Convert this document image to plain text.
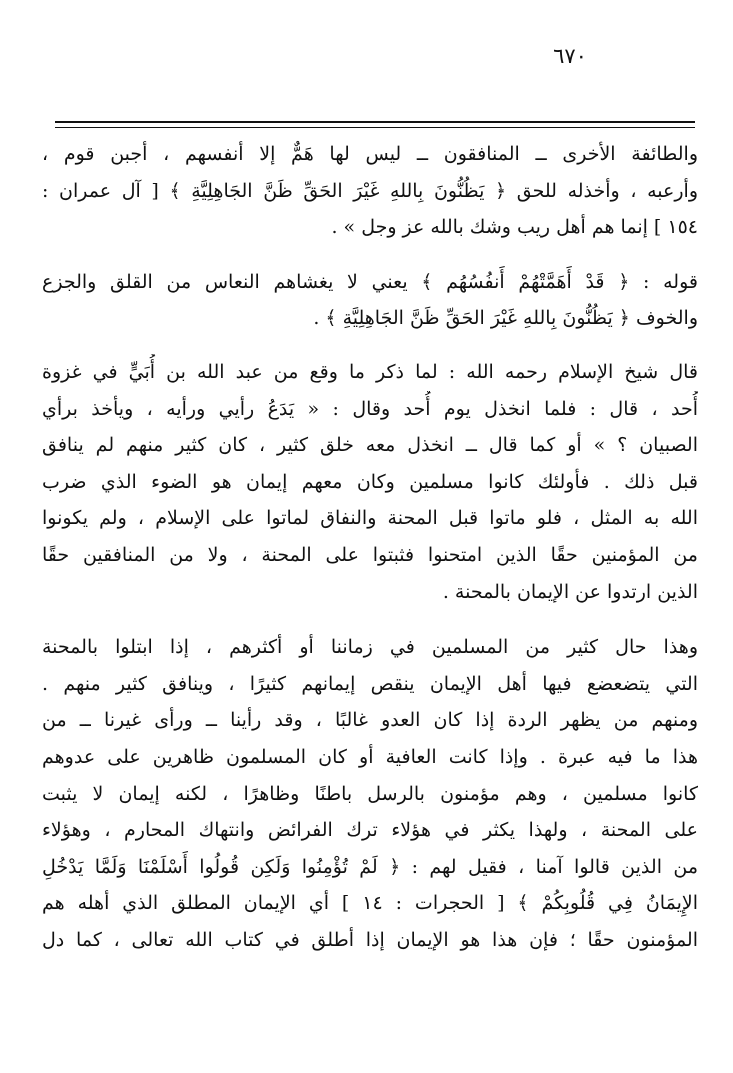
٦٧٠
والطائفة الأخرى ــ المنافقون ــ ليس لها هَمٌّ إلا أنفسهم ، أجبن قوم ،
وأرعبه ، وأخذله للحق ﴿ يَظُنُّونَ بِاللهِ غَيْرَ الحَقِّ ظَنَّ الجَاهِلِيَّةِ ﴾ [ آل عمران :
١٥٤ ] إنما هم أهل ريب وشك بالله عز وجل » .
قوله : ﴿ قَدْ أَهَمَّتْهُمْ أَنفُسُهُم ﴾ يعني لا يغشاهم النعاس من القلق والجزع
والخوف ﴿ يَظُنُّونَ بِاللهِ غَيْرَ الحَقِّ ظَنَّ الجَاهِلِيَّةِ ﴾ .
قال شيخ الإسلام رحمه الله : لما ذكر ما وقع من عبد الله بن أُبَيٍّ في غزوة
أُحد ، قال : فلما انخذل يوم أُحد وقال : « يَدَعُ رأيي ورأيه ، ويأخذ برأي
الصبيان ؟ » أو كما قال ــ انخذل معه خلق كثير ، كان كثير منهم لم ينافق
قبل ذلك . فأولئك كانوا مسلمين وكان معهم إيمان هو الضوء الذي ضرب
الله به المثل ، فلو ماتوا قبل المحنة والنفاق لماتوا على الإسلام ، ولم يكونوا
من المؤمنين حقًا الذين امتحنوا فثبتوا على المحنة ، ولا من المنافقين حقًا
الذين ارتدوا عن الإيمان بالمحنة .
وهذا حال كثير من المسلمين في زماننا أو أكثرهم ، إذا ابتلوا بالمحنة
التي يتضعضع فيها أهل الإيمان ينقص إيمانهم كثيرًا ، وينافق كثير منهم .
ومنهم من يظهر الردة إذا كان العدو غالبًا ، وقد رأينا ــ ورأى غيرنا ــ من
هذا ما فيه عبرة . وإذا كانت العافية أو كان المسلمون ظاهرين على عدوهم
كانوا مسلمين ، وهم مؤمنون بالرسل باطنًا وظاهرًا ، لكنه إيمان لا يثبت
على المحنة ، ولهذا يكثر في هؤلاء ترك الفرائض وانتهاك المحارم ، وهؤلاء
من الذين قالوا آمنا ، فقيل لهم : ﴿ لَمْ تُؤْمِنُوا وَلَكِن قُولُوا أَسْلَمْنَا وَلَمَّا يَدْخُلِ
الإِيمَانُ فِي قُلُوبِكُمْ ﴾ [ الحجرات : ١٤ ] أي الإيمان المطلق الذي أهله هم
المؤمنون حقًا ؛ فإن هذا هو الإيمان إذا أطلق في كتاب الله تعالى ، كما دل
